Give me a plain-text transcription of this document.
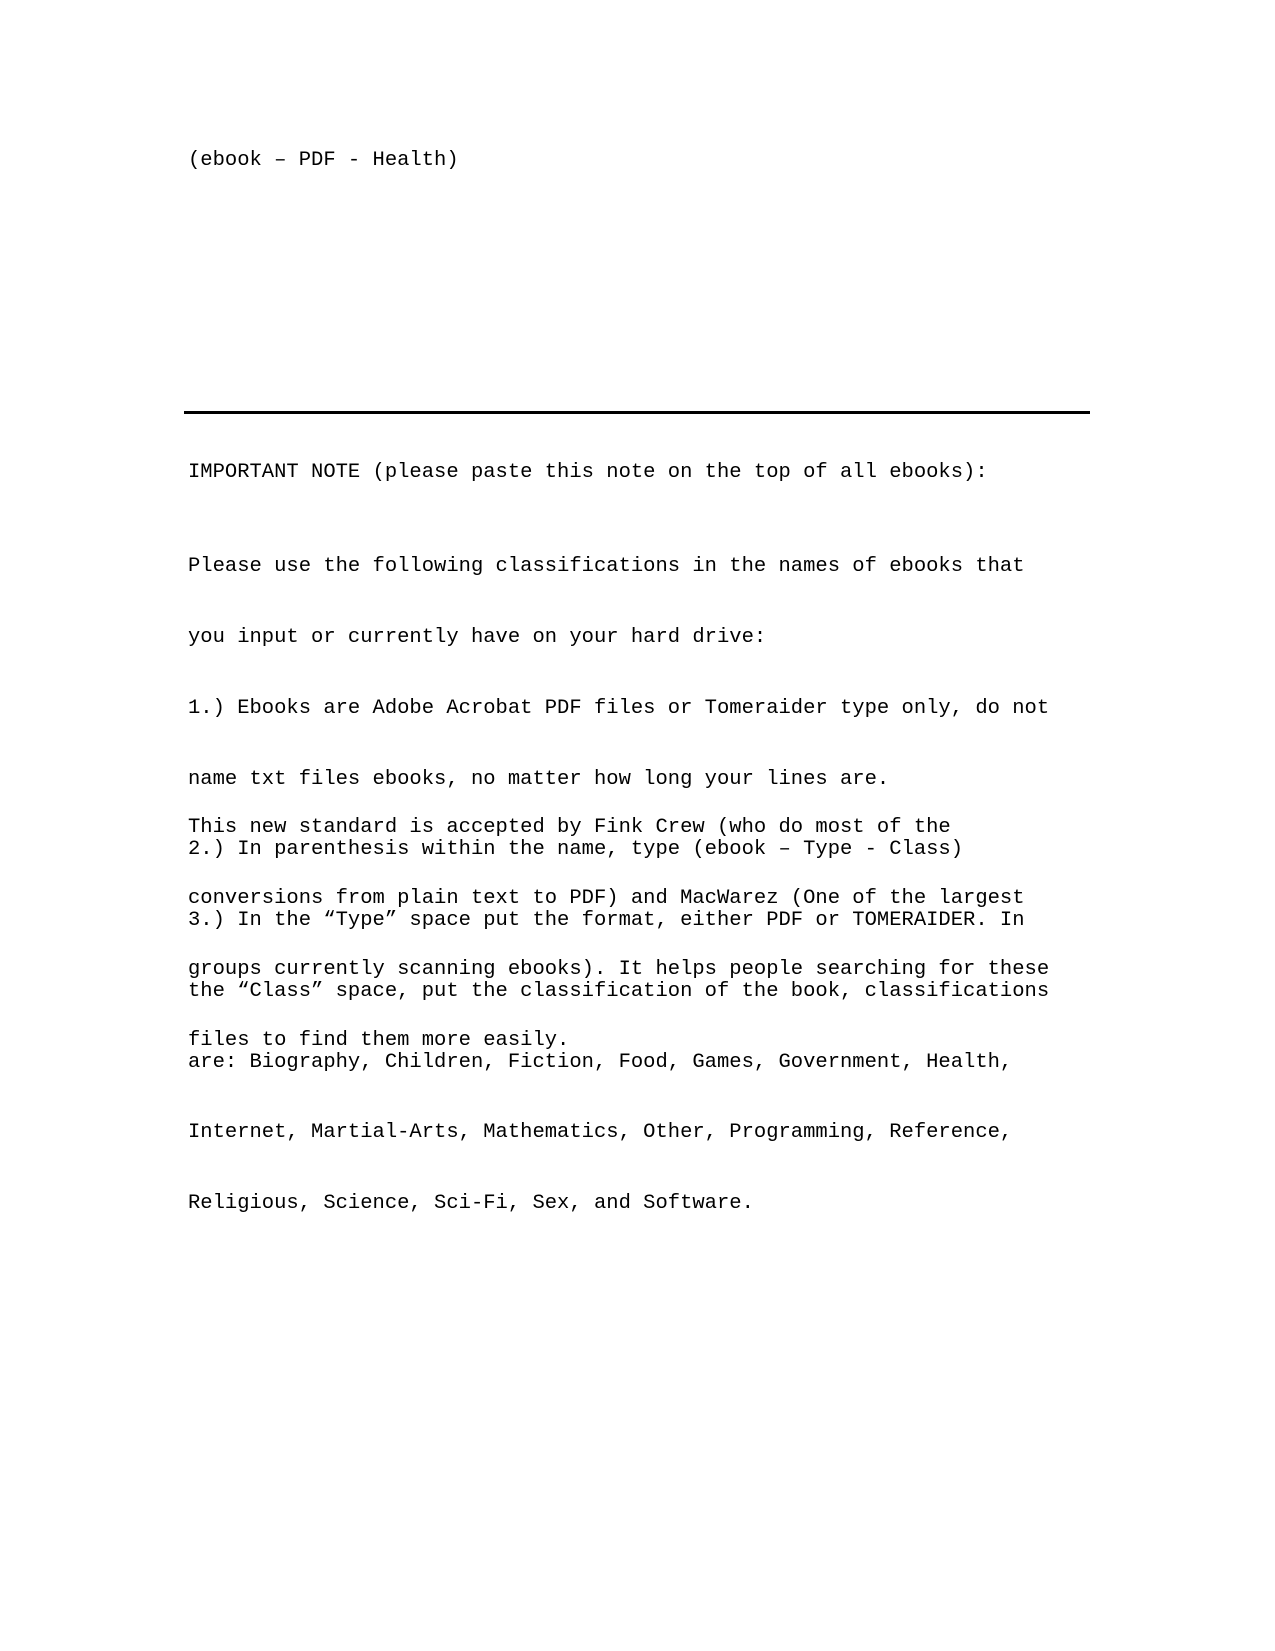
(ebook – PDF - Health)
IMPORTANT NOTE (please paste this note on the top of all ebooks):

Please use the following classifications in the names of ebooks that

you input or currently have on your hard drive:

1.) Ebooks are Adobe Acrobat PDF files or Tomeraider type only, do not

name txt files ebooks, no matter how long your lines are.

2.) In parenthesis within the name, type (ebook – Type - Class)

3.) In the “Type” space put the format, either PDF or TOMERAIDER. In

the “Class” space, put the classification of the book, classifications

are: Biography, Children, Fiction, Food, Games, Government, Health,

Internet, Martial-Arts, Mathematics, Other, Programming, Reference,

Religious, Science, Sci-Fi, Sex, and Software.

This new standard is accepted by Fink Crew (who do most of the

conversions from plain text to PDF) and MacWarez (One of the largest

groups currently scanning ebooks). It helps people searching for these

files to find them more easily.
